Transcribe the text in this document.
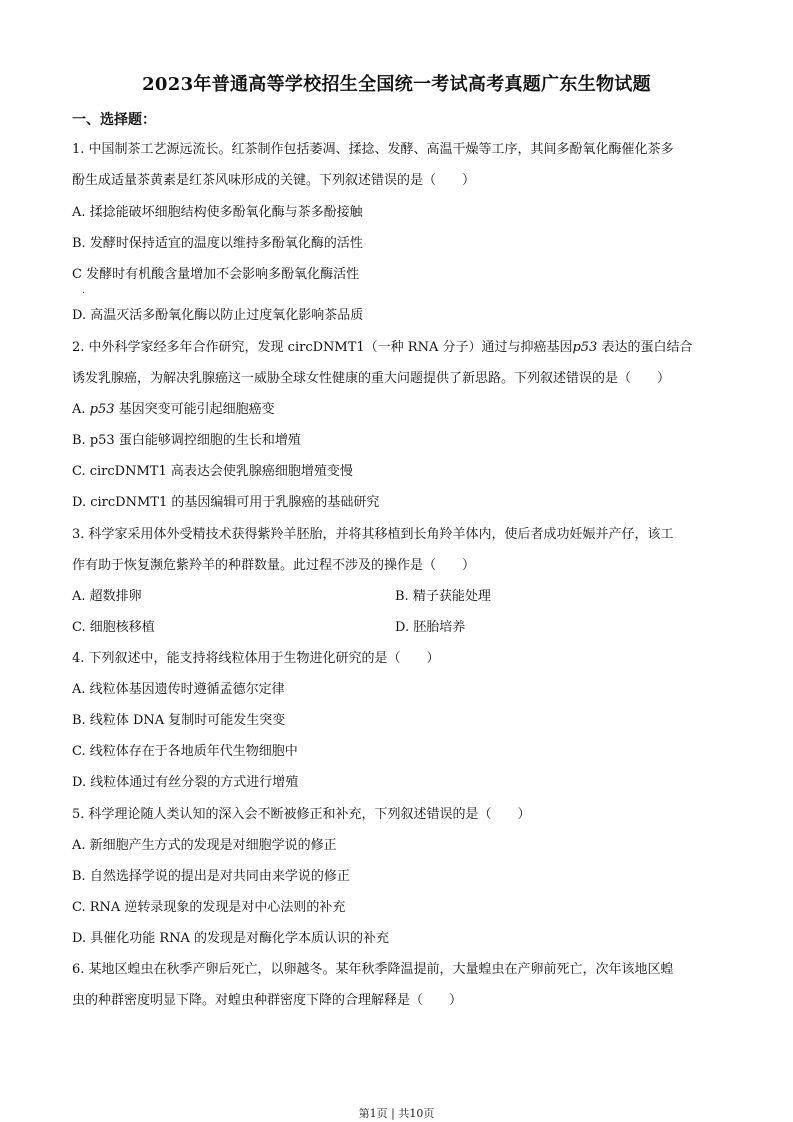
2023年普通高等学校招生全国统一考试高考真题广东生物试题
一、选择题：
1. 中国制茶工艺源远流长。红茶制作包括萎凋、揉捻、发酵、高温干燥等工序，其间多酚氧化酶催化茶多
酚生成适量茶黄素是红茶风味形成的关键。下列叙述错误的是（　　）
A. 揉捻能破坏细胞结构使多酚氧化酶与茶多酚接触
B. 发酵时保持适宜的温度以维持多酚氧化酶的活性
C 发酵时有机酸含量增加不会影响多酚氧化酶活性
·
D. 高温灭活多酚氧化酶以防止过度氧化影响茶品质
2. 中外科学家经多年合作研究，发现 circDNMT1（一种 RNA 分子）通过与抑癌基因p53 表达的蛋白结合
诱发乳腺癌，为解决乳腺癌这一威胁全球女性健康的重大问题提供了新思路。下列叙述错误的是（　　）
A. p53 基因突变可能引起细胞癌变
B. p53 蛋白能够调控细胞的生长和增殖
C. circDNMT1 高表达会使乳腺癌细胞增殖变慢
D. circDNMT1 的基因编辑可用于乳腺癌的基础研究
3. 科学家采用体外受精技术获得紫羚羊胚胎，并将其移植到长角羚羊体内，使后者成功妊娠并产仔，该工
作有助于恢复濒危紫羚羊的种群数量。此过程不涉及的操作是（　　）
A. 超数排卵	B. 精子获能处理
C. 细胞核移植	D. 胚胎培养
4. 下列叙述中，能支持将线粒体用于生物进化研究的是（　　）
A. 线粒体基因遗传时遵循孟德尔定律
B. 线粒体 DNA 复制时可能发生突变
C. 线粒体存在于各地质年代生物细胞中
D. 线粒体通过有丝分裂的方式进行增殖
5. 科学理论随人类认知的深入会不断被修正和补充，下列叙述错误的是（　　）
A. 新细胞产生方式的发现是对细胞学说的修正
B. 自然选择学说的提出是对共同由来学说的修正
C. RNA 逆转录现象的发现是对中心法则的补充
D. 具催化功能 RNA 的发现是对酶化学本质认识的补充
6. 某地区蝗虫在秋季产卵后死亡，以卵越冬。某年秋季降温提前，大量蝗虫在产卵前死亡，次年该地区蝗
虫的种群密度明显下降。对蝗虫种群密度下降的合理解释是（　　）
第1页 | 共10页
